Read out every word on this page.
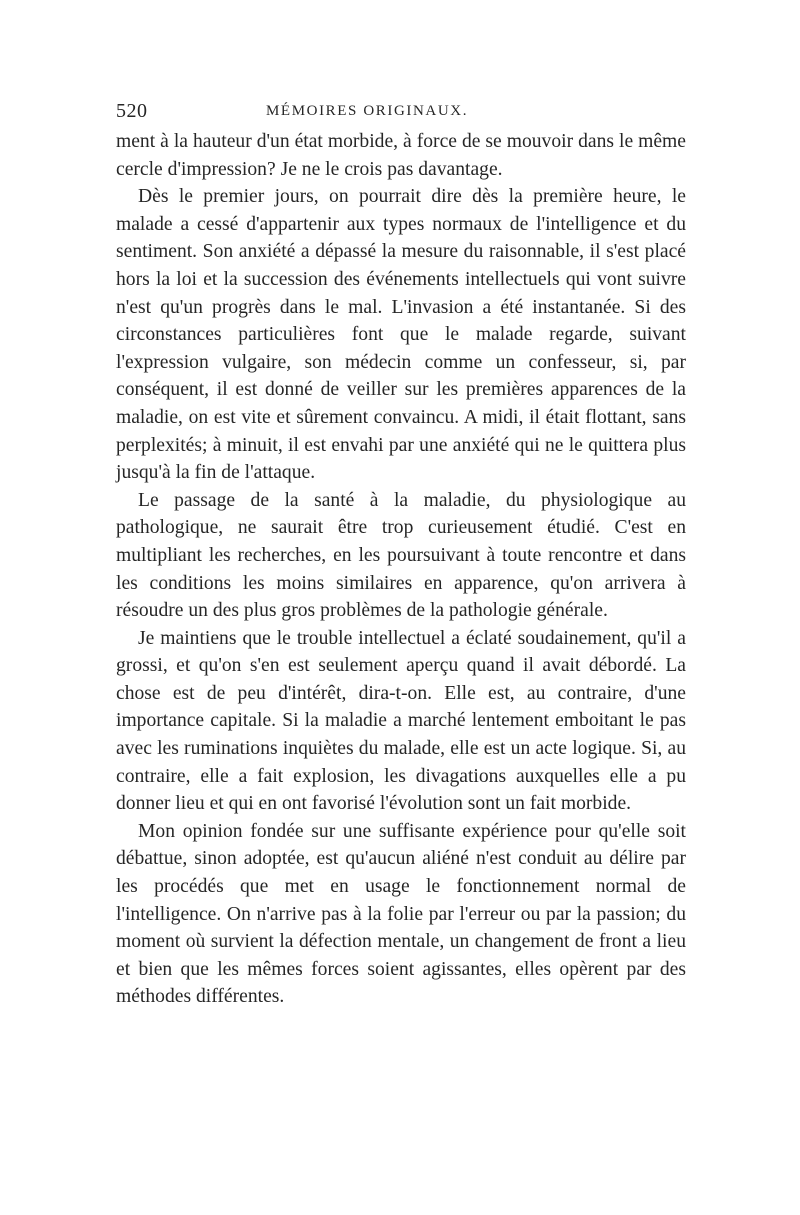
520	MÉMOIRES ORIGINAUX.

ment à la hauteur d'un état morbide, à force de se mouvoir dans le même cercle d'impression? Je ne le crois pas davantage.

Dès le premier jours, on pourrait dire dès la première heure, le malade a cessé d'appartenir aux types normaux de l'intelligence et du sentiment. Son anxiété a dépassé la mesure du raisonnable, il s'est placé hors la loi et la succession des événements intellectuels qui vont suivre n'est qu'un progrès dans le mal. L'invasion a été instantanée. Si des circonstances particulières font que le malade regarde, suivant l'expression vulgaire, son médecin comme un confesseur, si, par conséquent, il est donné de veiller sur les premières apparences de la maladie, on est vite et sûrement convaincu. A midi, il était flottant, sans perplexités; à minuit, il est envahi par une anxiété qui ne le quittera plus jusqu'à la fin de l'attaque.

Le passage de la santé à la maladie, du physiologique au pathologique, ne saurait être trop curieusement étudié. C'est en multipliant les recherches, en les poursuivant à toute rencontre et dans les conditions les moins similaires en apparence, qu'on arrivera à résoudre un des plus gros problèmes de la pathologie générale.

Je maintiens que le trouble intellectuel a éclaté soudainement, qu'il a grossi, et qu'on s'en est seulement aperçu quand il avait débordé. La chose est de peu d'intérêt, dira-t-on. Elle est, au contraire, d'une importance capitale. Si la maladie a marché lentement emboitant le pas avec les ruminations inquiètes du malade, elle est un acte logique. Si, au contraire, elle a fait explosion, les divagations auxquelles elle a pu donner lieu et qui en ont favorisé l'évolution sont un fait morbide.

Mon opinion fondée sur une suffisante expérience pour qu'elle soit débattue, sinon adoptée, est qu'aucun aliéné n'est conduit au délire par les procédés que met en usage le fonctionnement normal de l'intelligence. On n'arrive pas à la folie par l'erreur ou par la passion; du moment où survient la défection mentale, un changement de front a lieu et bien que les mêmes forces soient agissantes, elles opèrent par des méthodes différentes.
